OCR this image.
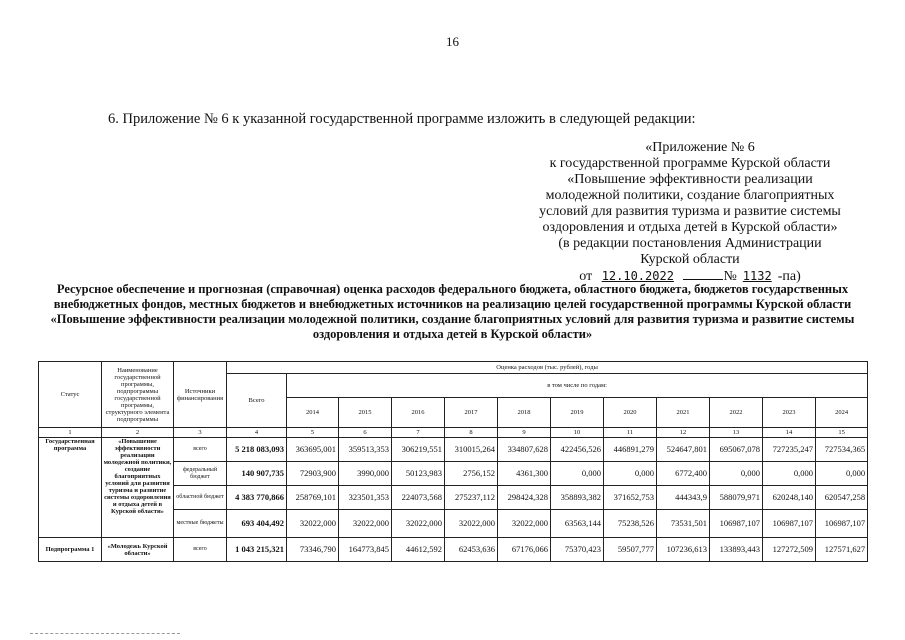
16
6. Приложение № 6 к указанной государственной программе изложить в следующей редакции:
«Приложение № 6
к государственной программе Курской области
«Повышение эффективности реализации
молодежной политики, создание благоприятных
условий для развития туризма и развитие системы
оздоровления и отдыха детей в Курской области»
(в редакции постановления Администрации
Курской области
от 12.10.2022	№ 1132 -па)
Ресурсное обеспечение и прогнозная (справочная) оценка расходов федерального бюджета, областного бюджета, бюджетов государственных внебюджетных фондов, местных бюджетов и внебюджетных источников на реализацию целей государственной программы Курской области «Повышение эффективности реализации молодежной политики, создание благоприятных условий для развития туризма и развитие системы оздоровления и отдыха детей в Курской области»
Статус	Наименование государственной программы, подпрограммы государственной программы, структурного элемента подпрограммы	Источники финансирования	Оценка расходов (тыс. рублей), годы											
			Всего	в том числе по годам:										
				2014	2015	2016	2017	2018	2019	2020	2021	2022	2023	2024
1	2	3	4	5	6	7	8	9	10	11	12	13	14	15
Государственная программа	«Повышение эффективности реализации молодежной политики, создание благоприятных условий для развития туризма и развитие системы оздоровления и отдыха детей в Курской области»	всего	5 218 083,093	363695,001	359513,353	306219,551	310015,264	334807,628	422456,526	446891,279	524647,801	695067,078	727235,247	727534,365
		федеральный бюджет	140 907,735	72903,900	3990,000	50123,983	2756,152	4361,300	0,000	0,000	6772,400	0,000	0,000	0,000
		областной бюджет	4 383 770,866	258769,101	323501,353	224073,568	275237,112	298424,328	358893,382	371652,753	444343,9	588079,971	620248,140	620547,258
		местные бюджеты	693 404,492	32022,000	32022,000	32022,000	32022,000	32022,000	63563,144	75238,526	73531,501	106987,107	106987,107	106987,107
Подпрограмма 1	«Молодежь Курской области»	всего	1 043 215,321	73346,790	164773,845	44612,592	62453,636	67176,066	75370,423	59507,777	107236,613	133893,443	127272,509	127571,627
